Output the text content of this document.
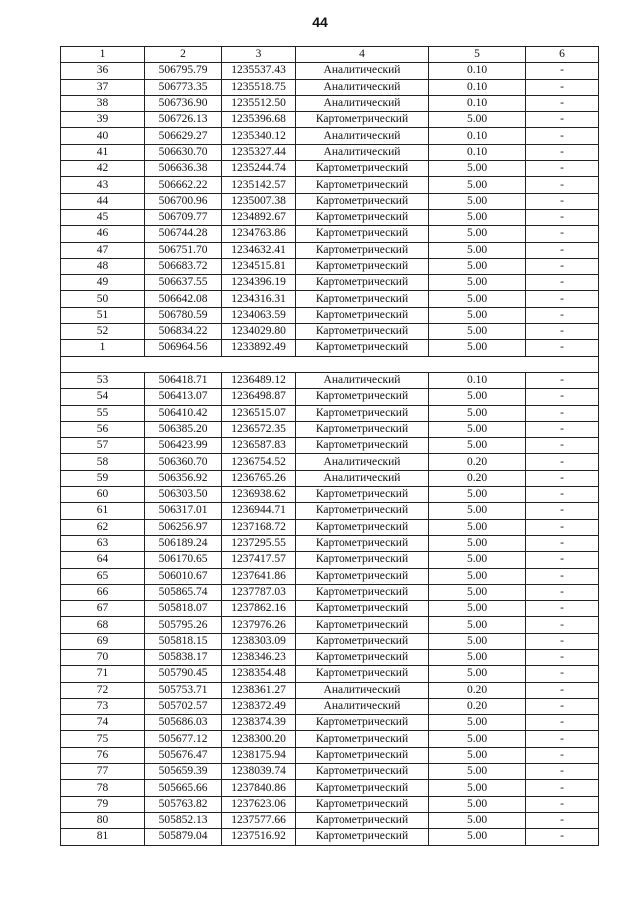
44
1	2	3	4	5	6
36	506795.79	1235537.43	Аналитический	0.10	-
37	506773.35	1235518.75	Аналитический	0.10	-
38	506736.90	1235512.50	Аналитический	0.10	-
39	506726.13	1235396.68	Картометрический	5.00	-
40	506629.27	1235340.12	Аналитический	0.10	-
41	506630.70	1235327.44	Аналитический	0.10	-
42	506636.38	1235244.74	Картометрический	5.00	-
43	506662.22	1235142.57	Картометрический	5.00	-
44	506700.96	1235007.38	Картометрический	5.00	-
45	506709.77	1234892.67	Картометрический	5.00	-
46	506744.28	1234763.86	Картометрический	5.00	-
47	506751.70	1234632.41	Картометрический	5.00	-
48	506683.72	1234515.81	Картометрический	5.00	-
49	506637.55	1234396.19	Картометрический	5.00	-
50	506642.08	1234316.31	Картометрический	5.00	-
51	506780.59	1234063.59	Картометрический	5.00	-
52	506834.22	1234029.80	Картометрический	5.00	-
1	506964.56	1233892.49	Картометрический	5.00	-

53	506418.71	1236489.12	Аналитический	0.10	-
54	506413.07	1236498.87	Картометрический	5.00	-
55	506410.42	1236515.07	Картометрический	5.00	-
56	506385.20	1236572.35	Картометрический	5.00	-
57	506423.99	1236587.83	Картометрический	5.00	-
58	506360.70	1236754.52	Аналитический	0.20	-
59	506356.92	1236765.26	Аналитический	0.20	-
60	506303.50	1236938.62	Картометрический	5.00	-
61	506317.01	1236944.71	Картометрический	5.00	-
62	506256.97	1237168.72	Картометрический	5.00	-
63	506189.24	1237295.55	Картометрический	5.00	-
64	506170.65	1237417.57	Картометрический	5.00	-
65	506010.67	1237641.86	Картометрический	5.00	-
66	505865.74	1237787.03	Картометрический	5.00	-
67	505818.07	1237862.16	Картометрический	5.00	-
68	505795.26	1237976.26	Картометрический	5.00	-
69	505818.15	1238303.09	Картометрический	5.00	-
70	505838.17	1238346.23	Картометрический	5.00	-
71	505790.45	1238354.48	Картометрический	5.00	-
72	505753.71	1238361.27	Аналитический	0.20	-
73	505702.57	1238372.49	Аналитический	0.20	-
74	505686.03	1238374.39	Картометрический	5.00	-
75	505677.12	1238300.20	Картометрический	5.00	-
76	505676.47	1238175.94	Картометрический	5.00	-
77	505659.39	1238039.74	Картометрический	5.00	-
78	505665.66	1237840.86	Картометрический	5.00	-
79	505763.82	1237623.06	Картометрический	5.00	-
80	505852.13	1237577.66	Картометрический	5.00	-
81	505879.04	1237516.92	Картометрический	5.00	-
